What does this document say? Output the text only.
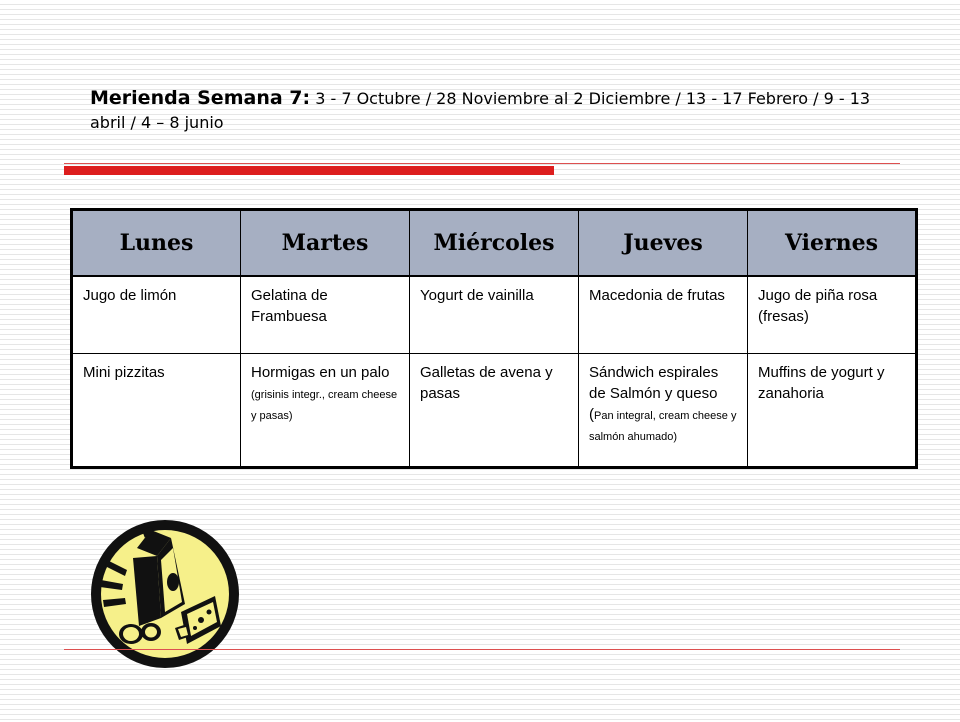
Merienda Semana 7: 3 - 7 Octubre / 28 Noviembre al 2 Diciembre / 13 - 17 Febrero / 9 - 13 abril / 4 – 8 junio
Lunes	Martes	Miércoles	Jueves	Viernes
Jugo de limón	Gelatina de Frambuesa	Yogurt de vainilla	Macedonia de frutas	Jugo de piña rosa (fresas)
Mini pizzitas	Hormigas en un palo (grisinis integr., cream cheese y pasas)	Galletas de avena y pasas	Sándwich espirales de Salmón y queso (Pan integral, cream cheese y salmón ahumado)	Muffins de yogurt y zanahoria
